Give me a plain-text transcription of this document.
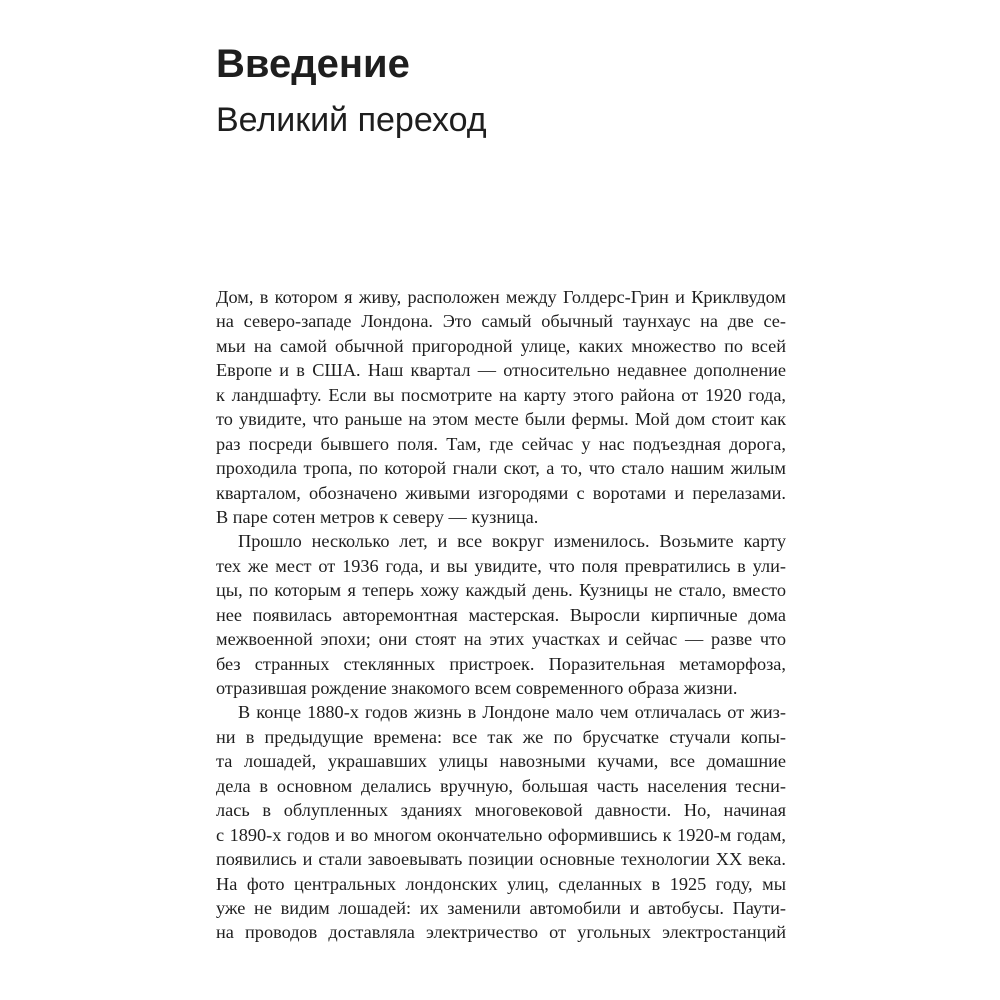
Введение
Великий переход
Дом, в котором я живу, расположен между Голдерс-Грин и Криклвудом
на северо-западе Лондона. Это самый обычный таунхаус на две се-
мьи на самой обычной пригородной улице, каких множество по всей
Европе и в США. Наш квартал — относительно недавнее дополнение
к ландшафту. Если вы посмотрите на карту этого района от 1920 года,
то увидите, что раньше на этом месте были фермы. Мой дом стоит как
раз посреди бывшего поля. Там, где сейчас у нас подъездная дорога,
проходила тропа, по которой гнали скот, а то, что стало нашим жилым
кварталом, обозначено живыми изгородями с воротами и перелазами.
В паре сотен метров к северу — кузница.
Прошло несколько лет, и все вокруг изменилось. Возьмите карту
тех же мест от 1936 года, и вы увидите, что поля превратились в ули-
цы, по которым я теперь хожу каждый день. Кузницы не стало, вместо
нее появилась авторемонтная мастерская. Выросли кирпичные дома
межвоенной эпохи; они стоят на этих участках и сейчас — разве что
без странных стеклянных пристроек. Поразительная метаморфоза,
отразившая рождение знакомого всем современного образа жизни.
В конце 1880-х годов жизнь в Лондоне мало чем отличалась от жиз-
ни в предыдущие времена: все так же по брусчатке стучали копы-
та лошадей, украшавших улицы навозными кучами, все домашние
дела в основном делались вручную, большая часть населения тесни-
лась в облупленных зданиях многовековой давности. Но, начиная
с 1890-х годов и во многом окончательно оформившись к 1920-м годам,
появились и стали завоевывать позиции основные технологии XX века.
На фото центральных лондонских улиц, сделанных в 1925 году, мы
уже не видим лошадей: их заменили автомобили и автобусы. Паути-
на проводов доставляла электричество от угольных электростанций
